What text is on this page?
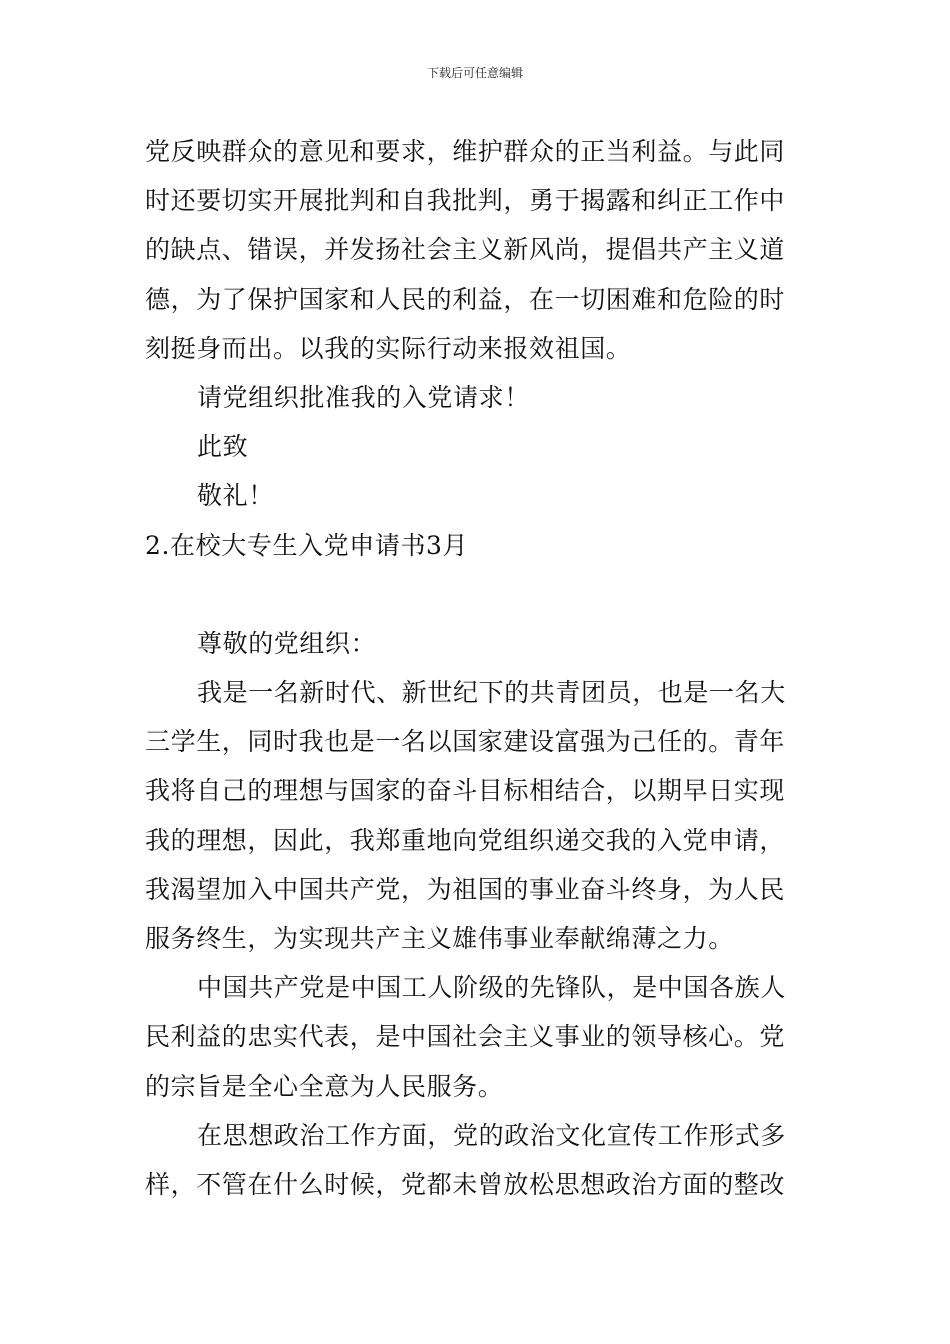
下载后可任意编辑
党反映群众的意见和要求，维护群众的正当利益。与此同
时还要切实开展批判和自我批判，勇于揭露和纠正工作中
的缺点、错误，并发扬社会主义新风尚，提倡共产主义道
德，为了保护国家和人民的利益，在一切困难和危险的时
刻挺身而出。以我的实际行动来报效祖国。
请党组织批准我的入党请求！
此致
敬礼！
2.在校大专生入党申请书3月
尊敬的党组织：
我是一名新时代、新世纪下的共青团员，也是一名大
三学生，同时我也是一名以国家建设富强为己任的。青年
我将自己的理想与国家的奋斗目标相结合，以期早日实现
我的理想，因此，我郑重地向党组织递交我的入党申请，
我渴望加入中国共产党，为祖国的事业奋斗终身，为人民
服务终生，为实现共产主义雄伟事业奉献绵薄之力。
中国共产党是中国工人阶级的先锋队，是中国各族人
民利益的忠实代表，是中国社会主义事业的领导核心。党
的宗旨是全心全意为人民服务。
在思想政治工作方面，党的政治文化宣传工作形式多
样，不管在什么时候，党都未曾放松思想政治方面的整改
